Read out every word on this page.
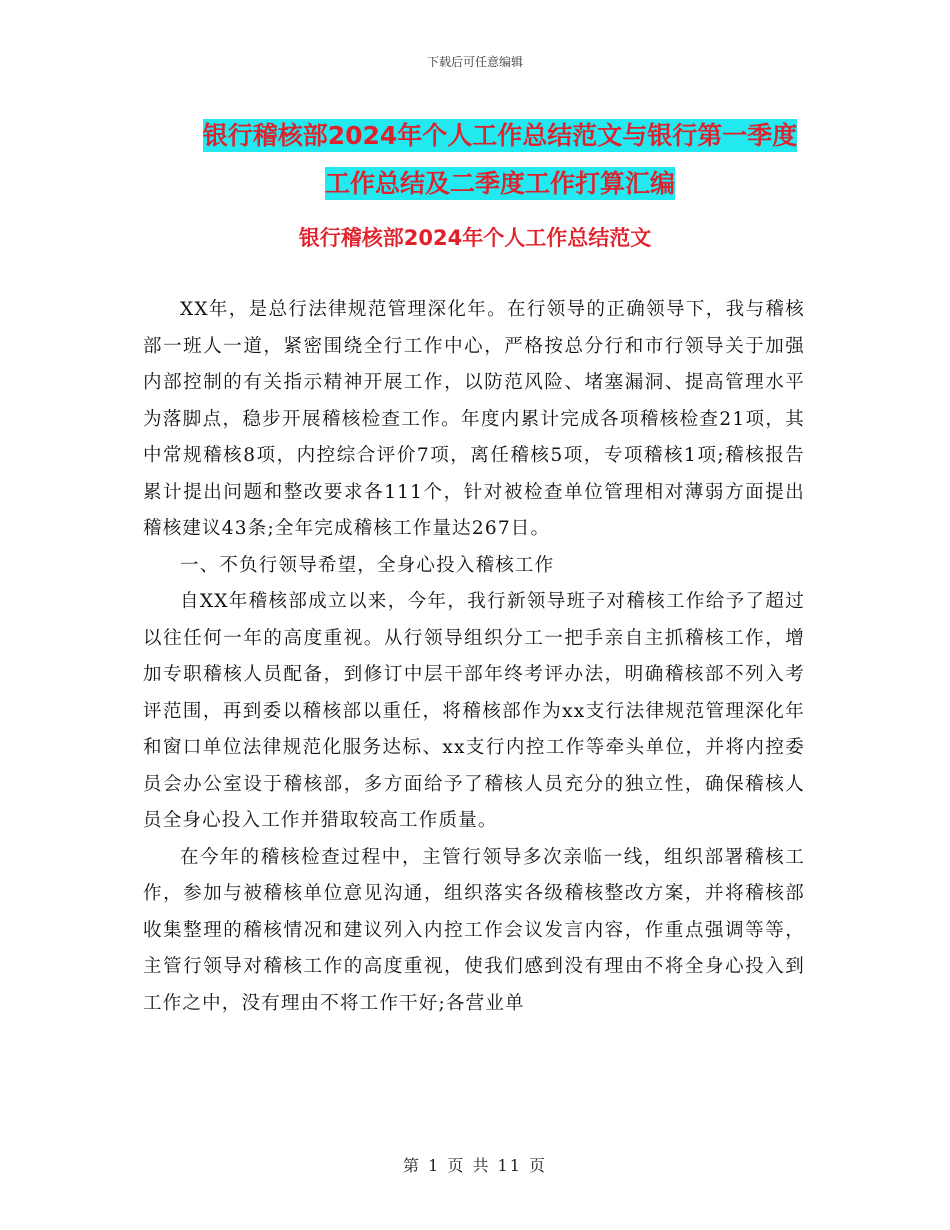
下载后可任意编辑
银行稽核部2024年个人工作总结范文与银行第一季度
工作总结及二季度工作打算汇编
银行稽核部2024年个人工作总结范文

XX年，是总行法律规范管理深化年。在行领导的正确领导下，我与稽核部一班人一道，紧密围绕全行工作中心，严格按总分行和市行领导关于加强内部控制的有关指示精神开展工作，以防范风险、堵塞漏洞、提高管理水平为落脚点，稳步开展稽核检查工作。年度内累计完成各项稽核检查21项，其中常规稽核8项，内控综合评价7项，离任稽核5项，专项稽核1项;稽核报告累计提出问题和整改要求各111个，针对被检查单位管理相对薄弱方面提出稽核建议43条;全年完成稽核工作量达267日。

一、不负行领导希望，全身心投入稽核工作

自XX年稽核部成立以来，今年，我行新领导班子对稽核工作给予了超过以往任何一年的高度重视。从行领导组织分工一把手亲自主抓稽核工作，增加专职稽核人员配备，到修订中层干部年终考评办法，明确稽核部不列入考评范围，再到委以稽核部以重任，将稽核部作为xx支行法律规范管理深化年和窗口单位法律规范化服务达标、xx支行内控工作等牵头单位，并将内控委员会办公室设于稽核部，多方面给予了稽核人员充分的独立性，确保稽核人员全身心投入工作并猎取较高工作质量。

在今年的稽核检查过程中，主管行领导多次亲临一线，组织部署稽核工作，参加与被稽核单位意见沟通，组织落实各级稽核整改方案，并将稽核部收集整理的稽核情况和建议列入内控工作会议发言内容，作重点强调等等，主管行领导对稽核工作的高度重视，使我们感到没有理由不将全身心投入到工作之中，没有理由不将工作干好;各营业单

第 1 页 共 11 页
